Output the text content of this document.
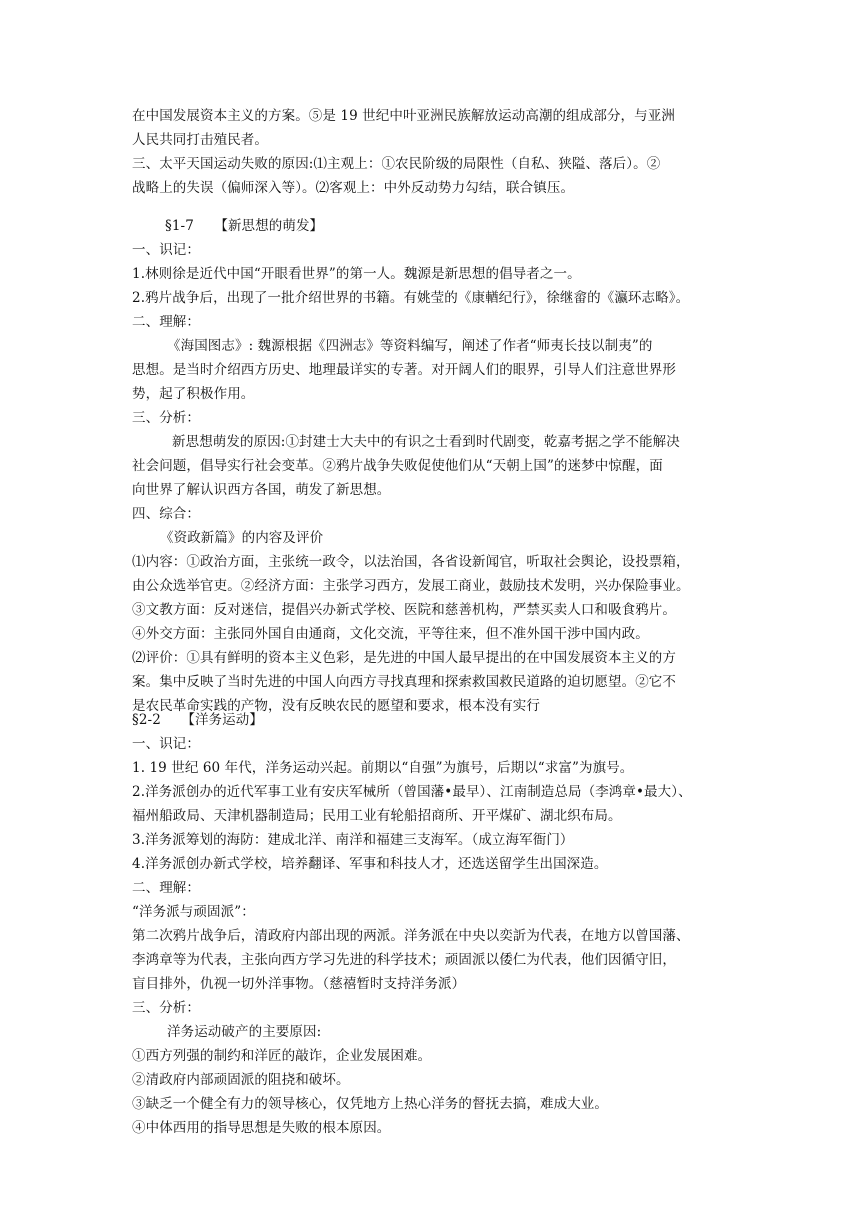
在中国发展资本主义的方案。⑤是 19 世纪中叶亚洲民族解放运动高潮的组成部分，与亚洲
人民共同打击殖民者。
三、太平天国运动失败的原因:⑴主观上：①农民阶级的局限性（自私、狭隘、落后）。②
战略上的失误（偏师深入等）。⑵客观上：中外反动势力勾结，联合镇压。
§1-7　　【新思想的萌发】
一、识记：
1.林则徐是近代中国“开眼看世界”的第一人。魏源是新思想的倡导者之一。
2.鸦片战争后，出现了一批介绍世界的书籍。有姚莹的《康輶纪行》，徐继畲的《瀛环志略》。
二、理解：
《海国图志》: 魏源根据《四洲志》等资料编写，阐述了作者“师夷长技以制夷”的
思想。是当时介绍西方历史、地理最详实的专著。对开阔人们的眼界，引导人们注意世界形
势，起了积极作用。
三、分析：
新思想萌发的原因:①封建士大夫中的有识之士看到时代剧变，乾嘉考据之学不能解决
社会问题，倡导实行社会变革。②鸦片战争失败促使他们从“天朝上国”的迷梦中惊醒，面
向世界了解认识西方各国，萌发了新思想。
四、综合：
《资政新篇》的内容及评价
⑴内容：①政治方面，主张统一政令，以法治国，各省设新闻官，听取社会舆论，设投票箱，
由公众选举官吏。②经济方面：主张学习西方，发展工商业，鼓励技术发明，兴办保险事业。
③文教方面：反对迷信，提倡兴办新式学校、医院和慈善机构，严禁买卖人口和吸食鸦片。
④外交方面：主张同外国自由通商，文化交流，平等往来，但不准外国干涉中国内政。
⑵评价：①具有鲜明的资本主义色彩，是先进的中国人最早提出的在中国发展资本主义的方
案。集中反映了当时先进的中国人向西方寻找真理和探索救国救民道路的迫切愿望。②它不
是农民革命实践的产物，没有反映农民的愿望和要求，根本没有实行
§2-2　　【洋务运动】
一、识记：
1. 19 世纪 60 年代，洋务运动兴起。前期以“自强”为旗号，后期以“求富”为旗号。
2.洋务派创办的近代军事工业有安庆军械所（曾国藩•最早）、江南制造总局（李鸿章•最大）、
福州船政局、天津机器制造局；民用工业有轮船招商所、开平煤矿、湖北织布局。
3.洋务派筹划的海防：建成北洋、南洋和福建三支海军。（成立海军衙门）
4.洋务派创办新式学校，培养翻译、军事和科技人才，还选送留学生出国深造。
二、理解：
“洋务派与顽固派”：
第二次鸦片战争后，清政府内部出现的两派。洋务派在中央以奕訢为代表，在地方以曾国藩、
李鸿章等为代表，主张向西方学习先进的科学技术；顽固派以倭仁为代表，他们因循守旧，
盲目排外，仇视一切外洋事物。（慈禧暂时支持洋务派）
三、分析：
洋务运动破产的主要原因:
①西方列强的制约和洋匠的敲诈，企业发展困难。
②清政府内部顽固派的阻挠和破坏。
③缺乏一个健全有力的领导核心，仅凭地方上热心洋务的督抚去搞，难成大业。
④中体西用的指导思想是失败的根本原因。
